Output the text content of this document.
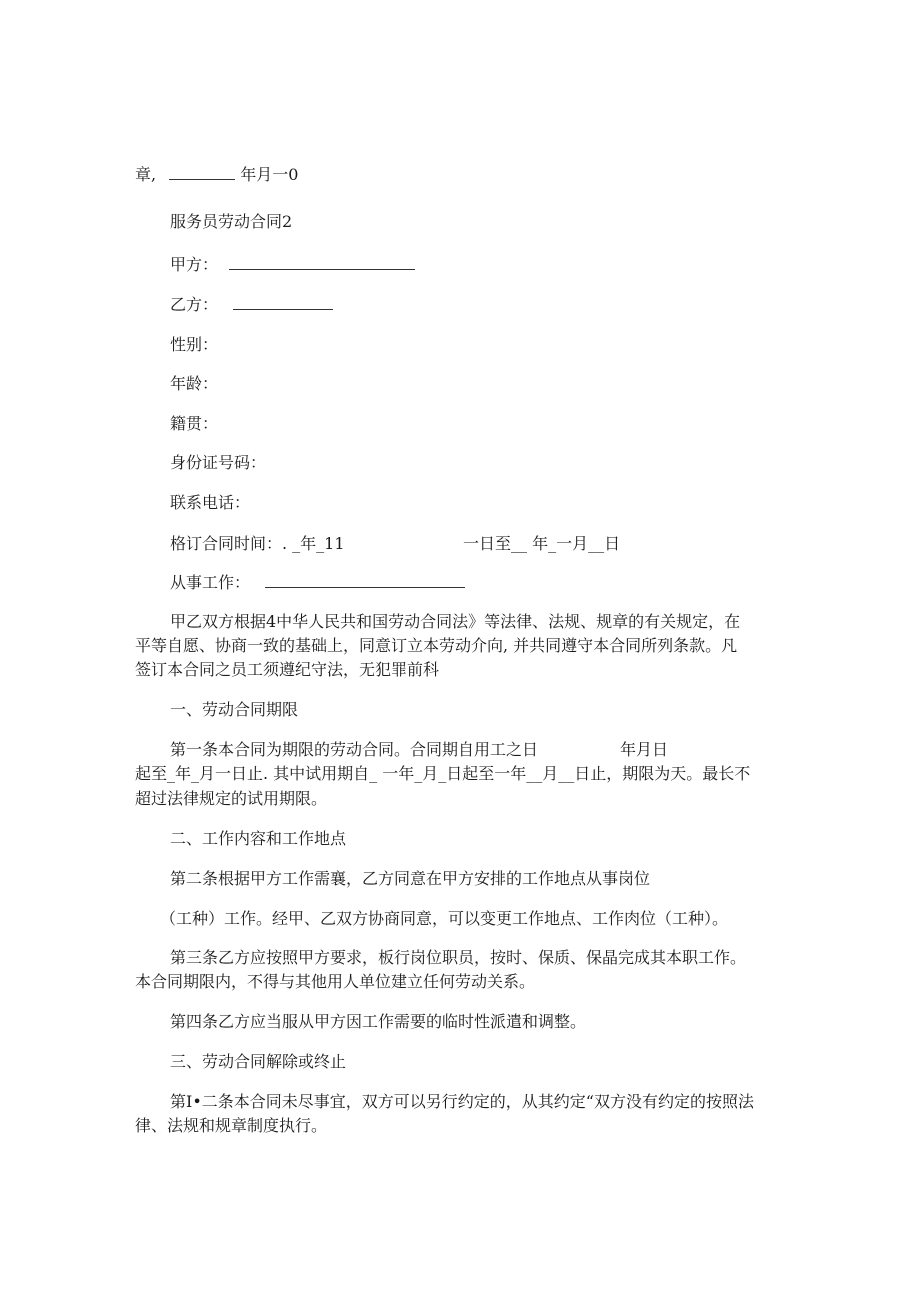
章,	年月一0
服务员劳动合同2
甲方：
乙方：
性别：
年龄：
籍贯：
身份证号码：
联系电话：
格订合同时间：. _年_11	一日至__ 年_一月__日
从事工作：
甲乙双方根据4中华人民共和国劳动合同法》等法律、法规、规章的有关规定，在
平等自愿、协商一致的基础上，同意订立本劳动介向, 并共同遵守本合同所列条款。凡
签订本合同之员工须遵纪守法，无犯罪前科
一、劳动合同期限
第一条本合同为期限的劳动合同。合同期自用工之日	年月日
起至_年_月一日止. 其中试用期自_ 一年_月_日起至一年__月__日止，期限为天。最长不
超过法律规定的试用期限。
二、工作内容和工作地点
第二条根据甲方工作需襄，乙方同意在甲方安排的工作地点从事岗位
（工种）工作。经甲、乙双方协商同意，可以变更工作地点、工作肉位（工种）。
第三条乙方应按照甲方要求，板行岗位职员，按时、保质、保晶完成其本职工作。
本合同期限内，不得与其他用人单位建立任何劳动关系。
第四条乙方应当服从甲方因工作需要的临时性派遣和调整。
三、劳动合同解除或终止
第I•二条本合同未尽事宜，双方可以另行约定的，从其约定“双方没有约定的按照法
律、法规和规章制度执行。
